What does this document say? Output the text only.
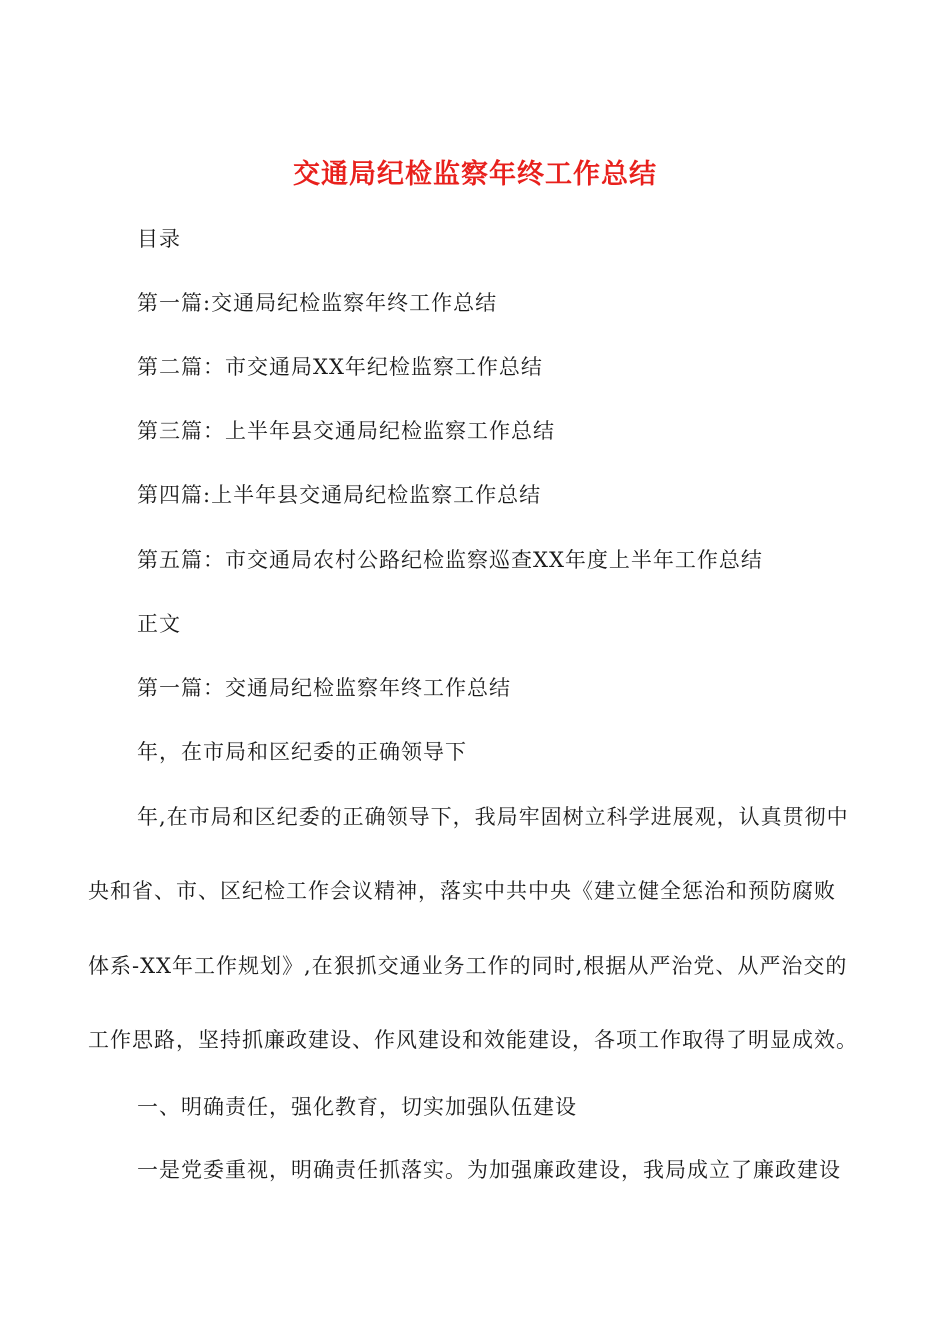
交通局纪检监察年终工作总结
目录
第一篇:交通局纪检监察年终工作总结
第二篇：市交通局XX年纪检监察工作总结
第三篇：上半年县交通局纪检监察工作总结
第四篇:上半年县交通局纪检监察工作总结
第五篇：市交通局农村公路纪检监察巡查XX年度上半年工作总结
正文
第一篇：交通局纪检监察年终工作总结
年，在市局和区纪委的正确领导下
年,在市局和区纪委的正确领导下，我局牢固树立科学进展观，认真贯彻中
央和省、市、区纪检工作会议精神，落实中共中央《建立健全惩治和预防腐败
体系-XX年工作规划》,在狠抓交通业务工作的同时,根据从严治党、从严治交的
工作思路，坚持抓廉政建设、作风建设和效能建设，各项工作取得了明显成效。
一、明确责任，强化教育，切实加强队伍建设
一是党委重视，明确责任抓落实。为加强廉政建设，我局成立了廉政建设
